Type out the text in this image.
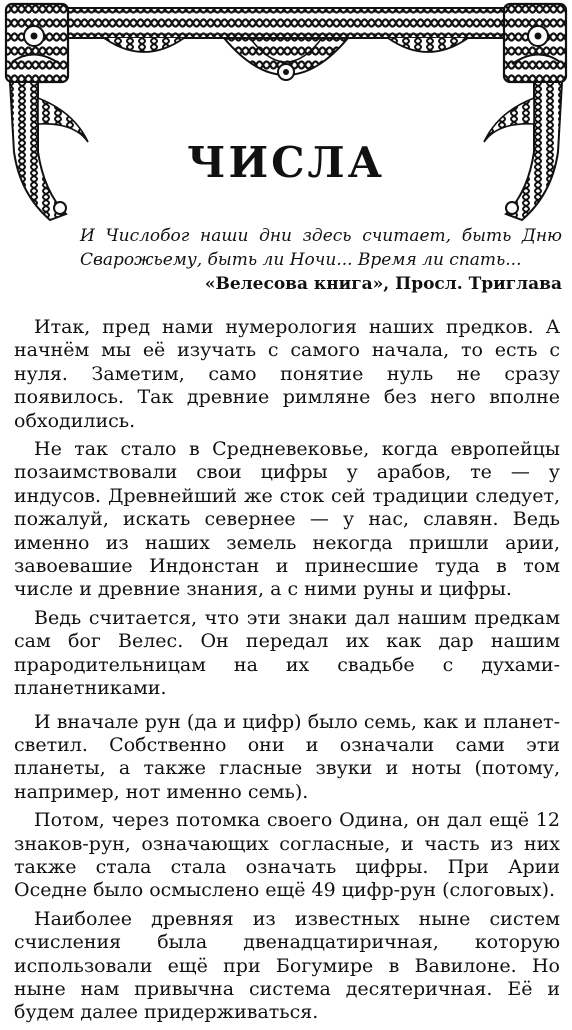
ЧИСЛА
И Числобог наши дни здесь считает, быть Дню Сварожьему, быть ли Ночи... Время ли спать...
«Велесова книга», Просл. Триглава

Итак, пред нами нумерология наших предков. А начнём мы её изучать с самого начала, то есть с нуля. Заметим, само понятие нуль не сразу появилось. Так древние римляне без него вполне обходились.

Не так стало в Средневековье, когда европейцы позаимствовали свои цифры у арабов, те — у индусов. Древнейший же сток сей традиции следует, пожалуй, искать севернее — у нас, славян. Ведь именно из наших земель некогда пришли арии, завоевашие Индонстан и принесшие туда в том числе и древние знания, а с ними руны и цифры.

Ведь считается, что эти знаки дал нашим предкам сам бог Велес. Он передал их как дар нашим прародительницам на их свадьбе с духами-планетниками.

И вначале рун (да и цифр) было семь, как и планет-светил. Собственно они и означали сами эти планеты, а также гласные звуки и ноты (потому, например, нот именно семь).

Потом, через потомка своего Одина, он дал ещё 12 знаков-рун, означающих согласные, и часть из них также стала стала означать цифры. При Арии Оседне было осмыслено ещё 49 цифр-рун (слоговых).

Наиболее древняя из известных ныне систем счисления была двенадцатиричная, которую использовали ещё при Богумире в Вавилоне. Но ныне нам привычна система десятеричная. Её и будем далее придерживаться.
